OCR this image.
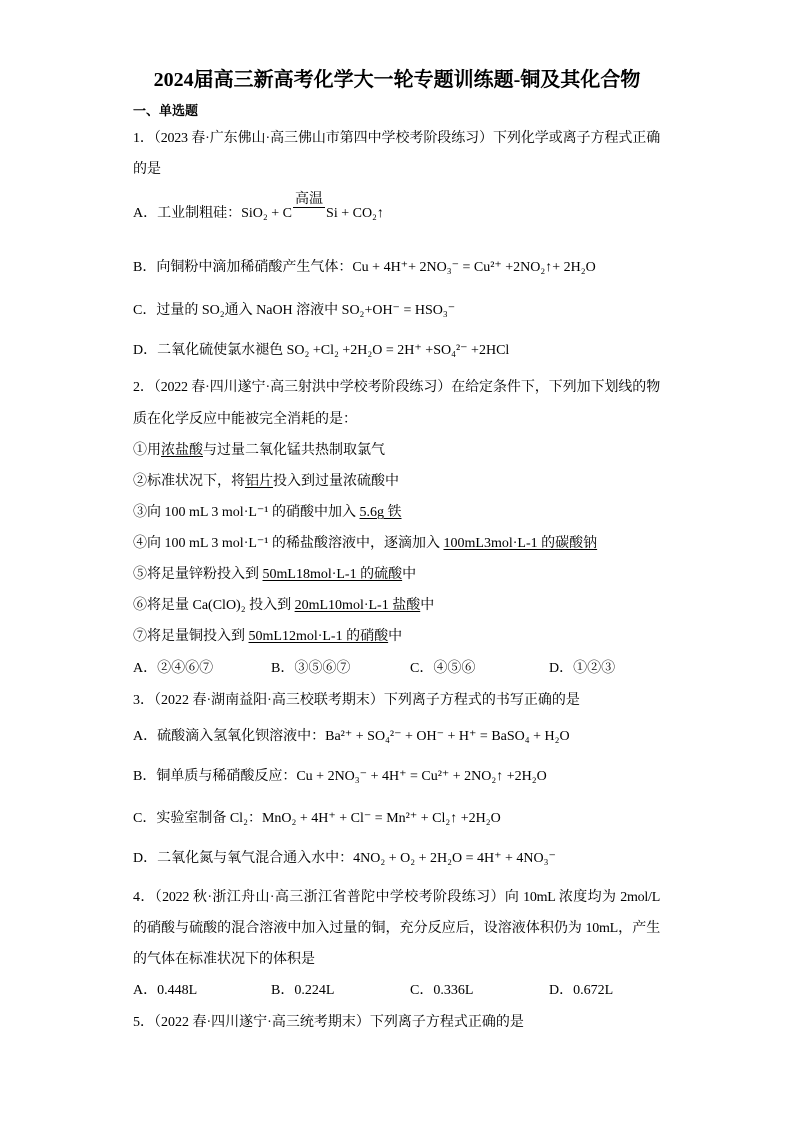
2024届高三新高考化学大一轮专题训练题-铜及其化合物
一、单选题
1．（2023 春·广东佛山·高三佛山市第四中学校考阶段练习）下列化学或离子方程式正确
的是
A．工业制粗硅：SiO₂ + C
高温
Si + CO₂↑
B．向铜粉中滴加稀硝酸产生气体：Cu + 4H⁺+ 2NO₃⁻ = Cu²⁺ +2NO₂↑+ 2H₂O
C．过量的 SO₂通入 NaOH 溶液中 SO₂+OH⁻ = HSO₃⁻
D．二氧化硫使氯水褪色 SO₂ +Cl₂ +2H₂O = 2H⁺ +SO₄²⁻ +2HCl
2．（2022 春·四川遂宁·高三射洪中学校考阶段练习）在给定条件下，下列加下划线的物
质在化学反应中能被完全消耗的是：
①用浓盐酸与过量二氧化锰共热制取氯气
②标准状况下，将铝片投入到过量浓硫酸中
③向 100 mL 3 mol·L⁻¹ 的硝酸中加入 5.6g 铁
④向 100 mL 3 mol·L⁻¹ 的稀盐酸溶液中，逐滴加入 100mL3mol·L-1 的碳酸钠
⑤将足量锌粉投入到 50mL18mol·L-1 的硫酸中
⑥将足量 Ca(ClO)₂ 投入到 20mL10mol·L-1 盐酸中
⑦将足量铜投入到 50mL12mol·L-1 的硝酸中
A．②④⑥⑦	B．③⑤⑥⑦	C．④⑤⑥	D．①②③
3．（2022 春·湖南益阳·高三校联考期末）下列离子方程式的书写正确的是
A．硫酸滴入氢氧化钡溶液中：Ba²⁺ + SO₄²⁻ + OH⁻ + H⁺ = BaSO₄ + H₂O
B．铜单质与稀硝酸反应：Cu + 2NO₃⁻ + 4H⁺ = Cu²⁺ + 2NO₂↑ +2H₂O
C．实验室制备 Cl₂：MnO₂ + 4H⁺ + Cl⁻ = Mn²⁺ + Cl₂↑ +2H₂O
D．二氧化氮与氧气混合通入水中：4NO₂ + O₂ + 2H₂O = 4H⁺ + 4NO₃⁻
4．（2022 秋·浙江舟山·高三浙江省普陀中学校考阶段练习）向 10mL 浓度均为 2mol/L
的硝酸与硫酸的混合溶液中加入过量的铜，充分反应后，设溶液体积仍为 10mL，产生
的气体在标准状况下的体积是
A．0.448L	B．0.224L	C．0.336L	D．0.672L
5．（2022 春·四川遂宁·高三统考期末）下列离子方程式正确的是
